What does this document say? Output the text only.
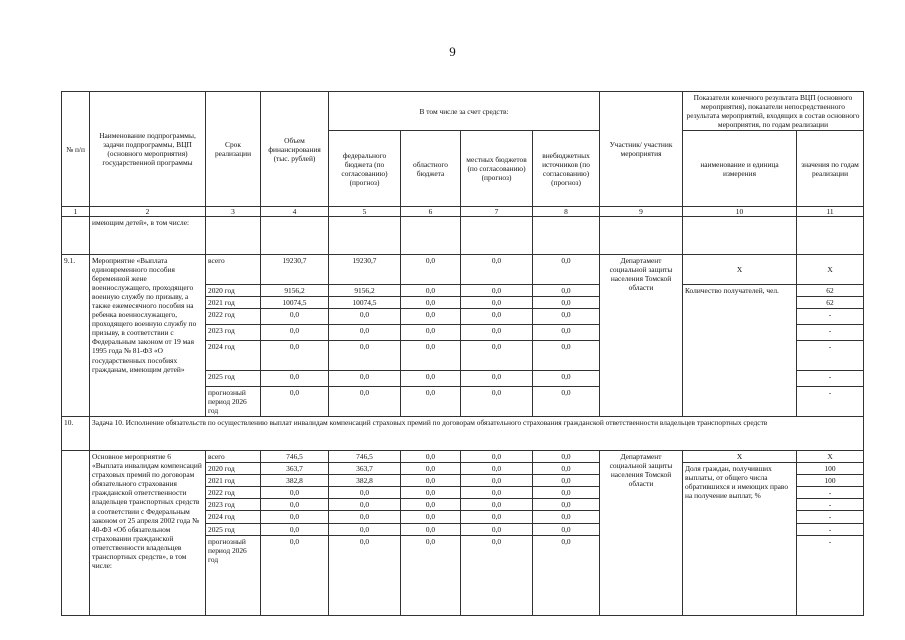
9
№ п/п	Наименование подпрограммы, задачи подпрограммы, ВЦП (основного мероприятия) государственной программы	Срок реализации	Объем финансирования (тыс. рублей)	В том числе за счет средств:				Участник/ участник мероприятия	Показатели конечного результата ВЦП (основного мероприятия), показатели непосредственного результата мероприятий, входящих в состав основного мероприятия, по годам реализации	
				федерального бюджета (по согласованию) (прогноз)	областного бюджета	местных бюджетов (по согласованию) (прогноз)	внебюджетных источников (по согласованию) (прогноз)		наименование и единица измерения	значения по годам реализации
1	2	3	4	5	6	7	8	9	10	11
	имеющим детей», в том числе:									
9.1.	Мероприятие «Выплата единовременного пособия беременной жене военнослужащего, проходящего военную службу по призыву, а также ежемесячного пособия на ребенка военнослужащего, проходящего военную службу по призыву, в соответствии с Федеральным законом от 19 мая 1995 года № 81-ФЗ «О государственных пособиях гражданам, имеющим детей»	всего	19230,7	19230,7	0,0	0,0	0,0	Департамент социальной защиты населения Томской области	Х	Х
		2020 год	9156,2	9156,2	0,0	0,0	0,0		Количество получателей, чел.	62
		2021 год	10074,5	10074,5	0,0	0,0	0,0			62
		2022 год	0,0	0,0	0,0	0,0	0,0			-
		2023 год	0,0	0,0	0,0	0,0	0,0			-
		2024 год	0,0	0,0	0,0	0,0	0,0			-
		2025 год	0,0	0,0	0,0	0,0	0,0			-
		прогнозный период 2026 год	0,0	0,0	0,0	0,0	0,0			-
10.	Задача 10. Исполнение обязательств по осуществлению выплат инвалидам компенсаций страховых премий по договорам обязательного страхования гражданской ответственности владельцев транспортных средств									
	Основное мероприятие 6 «Выплата инвалидам компенсаций страховых премий по договорам обязательного страхования гражданской ответственности владельцев транспортных средств в соответствии с Федеральным законом от 25 апреля 2002 года № 40-ФЗ «Об обязательном страховании гражданской ответственности владельцев транспортных средств», в том числе:	всего	746,5	746,5	0,0	0,0	0,0	Департамент социальной защиты населения Томской области	Х	Х
		2020 год	363,7	363,7	0,0	0,0	0,0		Доля граждан, получивших выплаты, от общего числа обратившихся и имеющих право на получение выплат, %	100
		2021 год	382,8	382,8	0,0	0,0	0,0			100
		2022 год	0,0	0,0	0,0	0,0	0,0			-
		2023 год	0,0	0,0	0,0	0,0	0,0			-
		2024 год	0,0	0,0	0,0	0,0	0,0			-
		2025 год	0,0	0,0	0,0	0,0	0,0			-
		прогнозный период 2026 год	0,0	0,0	0,0	0,0	0,0			-
